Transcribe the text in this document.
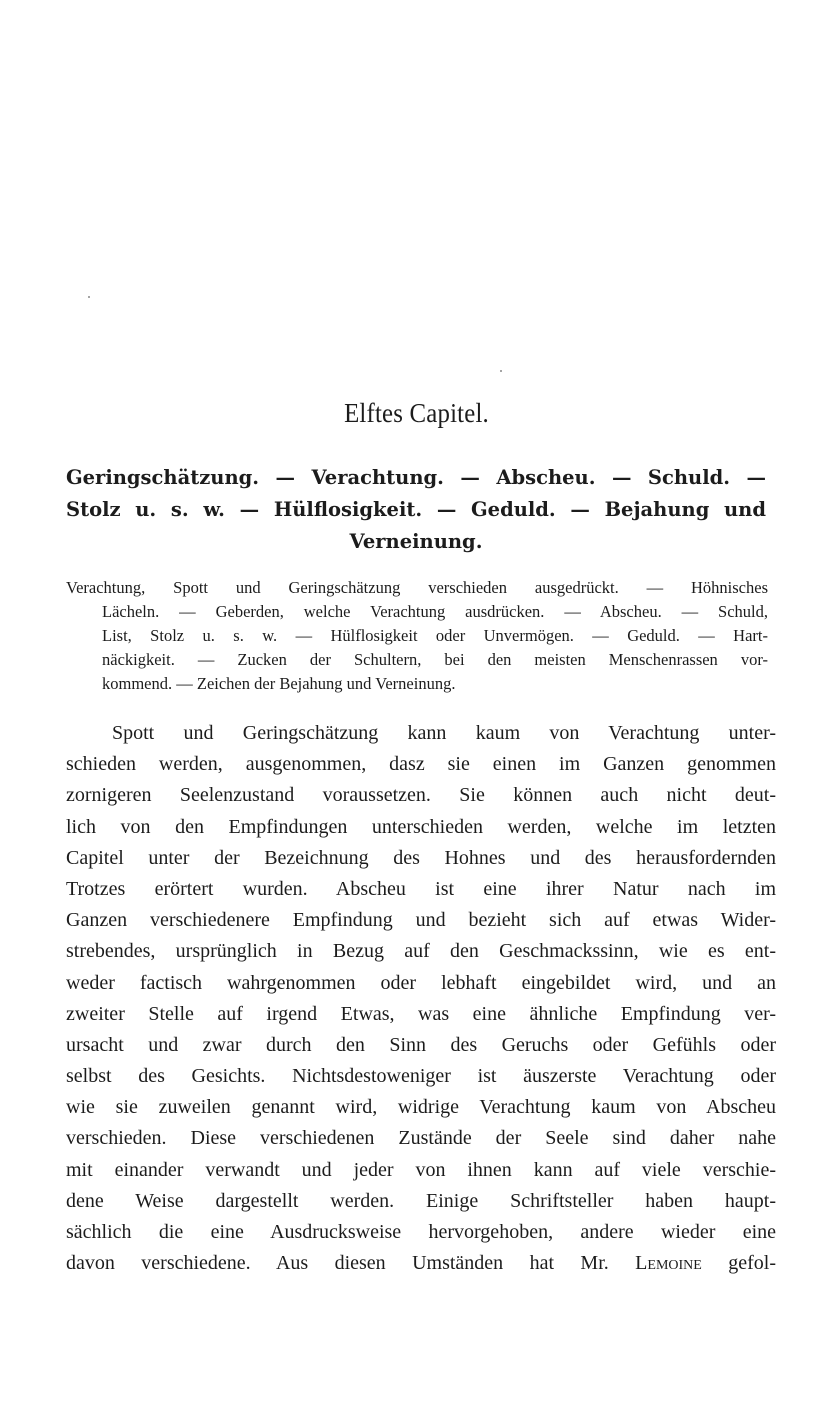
Elftes Capitel.
Geringschätzung. — Verachtung. — Abscheu. — Schuld. —
Stolz u. s. w. — Hülflosigkeit. — Geduld. — Bejahung und
Verneinung.
Verachtung, Spott und Geringschätzung verschieden ausgedrückt. — Höhnisches
Lächeln. — Geberden, welche Verachtung ausdrücken. — Abscheu. — Schuld,
List, Stolz u. s. w. — Hülflosigkeit oder Unvermögen. — Geduld. — Hart-
näckigkeit. — Zucken der Schultern, bei den meisten Menschenrassen vor-
kommend. — Zeichen der Bejahung und Verneinung.
Spott und Geringschätzung kann kaum von Verachtung unter-
schieden werden, ausgenommen, dasz sie einen im Ganzen genommen
zornigeren Seelenzustand voraussetzen. Sie können auch nicht deut-
lich von den Empfindungen unterschieden werden, welche im letzten
Capitel unter der Bezeichnung des Hohnes und des herausfordernden
Trotzes erörtert wurden. Abscheu ist eine ihrer Natur nach im
Ganzen verschiedenere Empfindung und bezieht sich auf etwas Wider-
strebendes, ursprünglich in Bezug auf den Geschmackssinn, wie es ent-
weder factisch wahrgenommen oder lebhaft eingebildet wird, und an
zweiter Stelle auf irgend Etwas, was eine ähnliche Empfindung ver-
ursacht und zwar durch den Sinn des Geruchs oder Gefühls oder
selbst des Gesichts. Nichtsdestoweniger ist äuszerste Verachtung oder
wie sie zuweilen genannt wird, widrige Verachtung kaum von Abscheu
verschieden. Diese verschiedenen Zustände der Seele sind daher nahe
mit einander verwandt und jeder von ihnen kann auf viele verschie-
dene Weise dargestellt werden. Einige Schriftsteller haben haupt-
sächlich die eine Ausdrucksweise hervorgehoben, andere wieder eine
davon verschiedene. Aus diesen Umständen hat Mr. Lemoine gefol-
